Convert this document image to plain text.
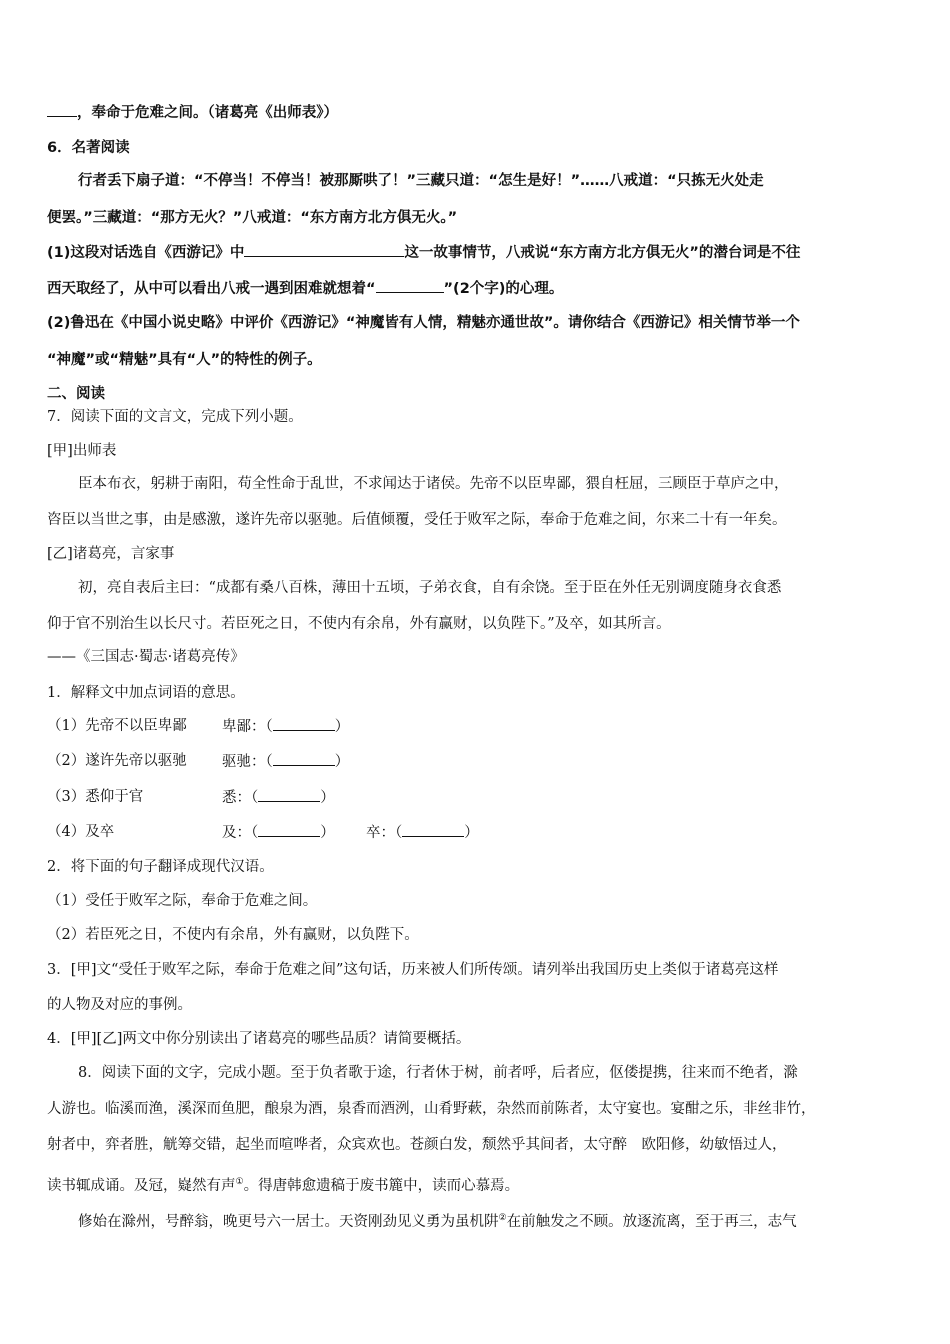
，奉命于危难之间。（诸葛亮《出师表》）
6．名著阅读
行者丢下扇子道：“不停当！不停当！被那厮哄了！”三藏只道：“怎生是好！”……八戒道：“只拣无火处走
便罢。”三藏道：“那方无火？”八戒道：“东方南方北方俱无火。”
(1)这段对话选自《西游记》中	这一故事情节，八戒说“东方南方北方俱无火”的潜台词是不往
西天取经了，从中可以看出八戒一遇到困难就想着“	”(2个字)的心理。
(2)鲁迅在《中国小说史略》中评价《西游记》“神魔皆有人情，精魅亦通世故”。请你结合《西游记》相关情节举一个
“神魔”或“精魅”具有“人”的特性的例子。
二、阅读
7．阅读下面的文言文，完成下列小题。
[甲]出师表
臣本布衣，躬耕于南阳，苟全性命于乱世，不求闻达于诸侯。先帝不以臣卑鄙，猥自枉屈，三顾臣于草庐之中，
咨臣以当世之事，由是感激，遂许先帝以驱驰。后值倾覆，受任于败军之际，奉命于危难之间，尔来二十有一年矣。
[乙]诸葛亮，言家事
初，亮自表后主曰：“成都有桑八百株，薄田十五顷，子弟衣食，自有余饶。至于臣在外任无别调度随身衣食悉
仰于官不别治生以长尺寸。若臣死之日，不使内有余帛，外有赢财，以负陛下。”及卒，如其所言。
——《三国志·蜀志·诸葛亮传》
1．解释文中加点词语的意思。
（1）先帝不以臣卑鄙 卑鄙：（	）
（2）遂许先帝以驱驰 驱驰：（	）
（3）悉仰于官	悉：（	）
（4）及卒	及：（	） 卒：（	）
2．将下面的句子翻译成现代汉语。
（1）受任于败军之际，奉命于危难之间。
（2）若臣死之日，不使内有余帛，外有赢财，以负陛下。
3．[甲]文“受任于败军之际，奉命于危难之间”这句话，历来被人们所传颂。请列举出我国历史上类似于诸葛亮这样
的人物及对应的事例。
4．[甲][乙]两文中你分别读出了诸葛亮的哪些品质？请简要概括。
8．阅读下面的文字，完成小题。至于负者歌于途，行者休于树，前者呼，后者应，伛偻提携，往来而不绝者，滁
人游也。临溪而渔，溪深而鱼肥，酿泉为酒，泉香而酒洌，山肴野蔌，杂然而前陈者，太守宴也。宴酣之乐，非丝非竹，
射者中，弈者胜，觥筹交错，起坐而喧哗者，众宾欢也。苍颜白发，颓然乎其间者，太守醉　欧阳修，幼敏悟过人，
读书辄成诵。及冠，嶷然有声①。得唐韩愈遗稿于废书簏中，读而心慕焉。
修始在滁州，号醉翁，晚更号六一居士。天资刚劲见义勇为虽机阱②在前触发之不顾。放逐流离，至于再三，志气
